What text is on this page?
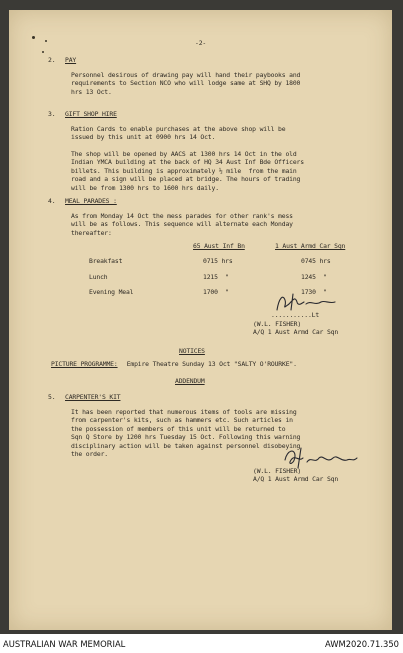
-2-

2. PAY

Personnel desirous of drawing pay will hand their paybooks and
requirements to Section NCO who will lodge same at SHQ by 1800
hrs 13 Oct.

3. GIFT SHOP HIRE

Ration Cards to enable purchases at the above shop will be
issued by this unit at 0900 hrs 14 Oct.

The shop will be opened by AACS at 1300 hrs 14 Oct in the old
Indian YMCA building at the back of HQ 34 Aust Inf Bde Officers
billets. This building is approximately ½ mile  from the main
road and a sign will be placed at bridge. The hours of trading
will be from 1300 hrs to 1600 hrs daily.

4. MEAL PARADES :

As from Monday 14 Oct the mess parades for other rank's mess
will be as follows. This sequence will alternate each Monday
thereafter:

65 Aust Inf Bn	1 Aust Armd Car Sqn

Breakfast	0715 hrs	0745 hrs

Lunch	1215  "	1245  "

Evening Meal	1700  "	1730  "

...........Lt

(W.L. FISHER)

A/Q 1 Aust Armd Car Sqn

NOTICES

PICTURE PROGRAMME: Empire Theatre Sunday 13 Oct "SALTY O'ROURKE".

ADDENDUM

5. CARPENTER'S KIT

It has been reported that numerous items of tools are missing
from carpenter's kits, such as hammers etc. Such articles in
the possession of members of this unit will be returned to
Sqn Q Store by 1200 hrs Tuesday 15 Oct. Following this warning
disciplinary action will be taken against personnel disobeying
the order.

(W.L. FISHER)

A/Q 1 Aust Armd Car Sqn

AUSTRALIAN WAR MEMORIAL	AWM2020.71.350
